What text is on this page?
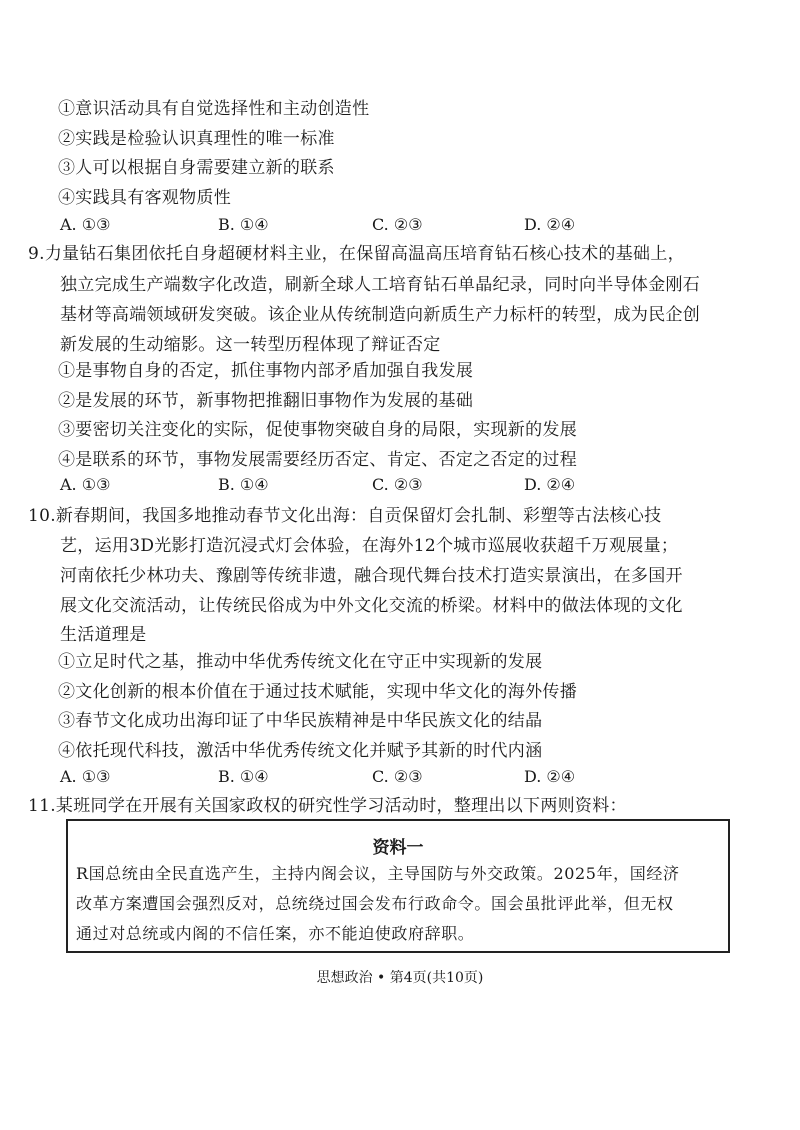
①意识活动具有自觉选择性和主动创造性
②实践是检验认识真理性的唯一标准
③人可以根据自身需要建立新的联系
④实践具有客观物质性
A. ①③	B. ①④	C. ②③	D. ②④
9.力量钻石集团依托自身超硬材料主业，在保留高温高压培育钻石核心技术的基础上，
独立完成生产端数字化改造，刷新全球人工培育钻石单晶纪录，同时向半导体金刚石
基材等高端领域研发突破。该企业从传统制造向新质生产力标杆的转型，成为民企创
新发展的生动缩影。这一转型历程体现了辩证否定
①是事物自身的否定，抓住事物内部矛盾加强自我发展
②是发展的环节，新事物把推翻旧事物作为发展的基础
③要密切关注变化的实际，促使事物突破自身的局限，实现新的发展
④是联系的环节，事物发展需要经历否定、肯定、否定之否定的过程
A. ①③	B. ①④	C. ②③	D. ②④
10.新春期间，我国多地推动春节文化出海：自贡保留灯会扎制、彩塑等古法核心技
艺，运用3D光影打造沉浸式灯会体验，在海外12个城市巡展收获超千万观展量；
河南依托少林功夫、豫剧等传统非遗，融合现代舞台技术打造实景演出，在多国开
展文化交流活动，让传统民俗成为中外文化交流的桥梁。材料中的做法体现的文化
生活道理是
①立足时代之基，推动中华优秀传统文化在守正中实现新的发展
②文化创新的根本价值在于通过技术赋能，实现中华文化的海外传播
③春节文化成功出海印证了中华民族精神是中华民族文化的结晶
④依托现代科技，激活中华优秀传统文化并赋予其新的时代内涵
A. ①③	B. ①④	C. ②③	D. ②④
11.某班同学在开展有关国家政权的研究性学习活动时，整理出以下两则资料：
资料一
R国总统由全民直选产生，主持内阁会议，主导国防与外交政策。2025年，国经济
改革方案遭国会强烈反对，总统绕过国会发布行政命令。国会虽批评此举，但无权
通过对总统或内阁的不信任案，亦不能迫使政府辞职。
思想政治 • 第4页(共10页)
